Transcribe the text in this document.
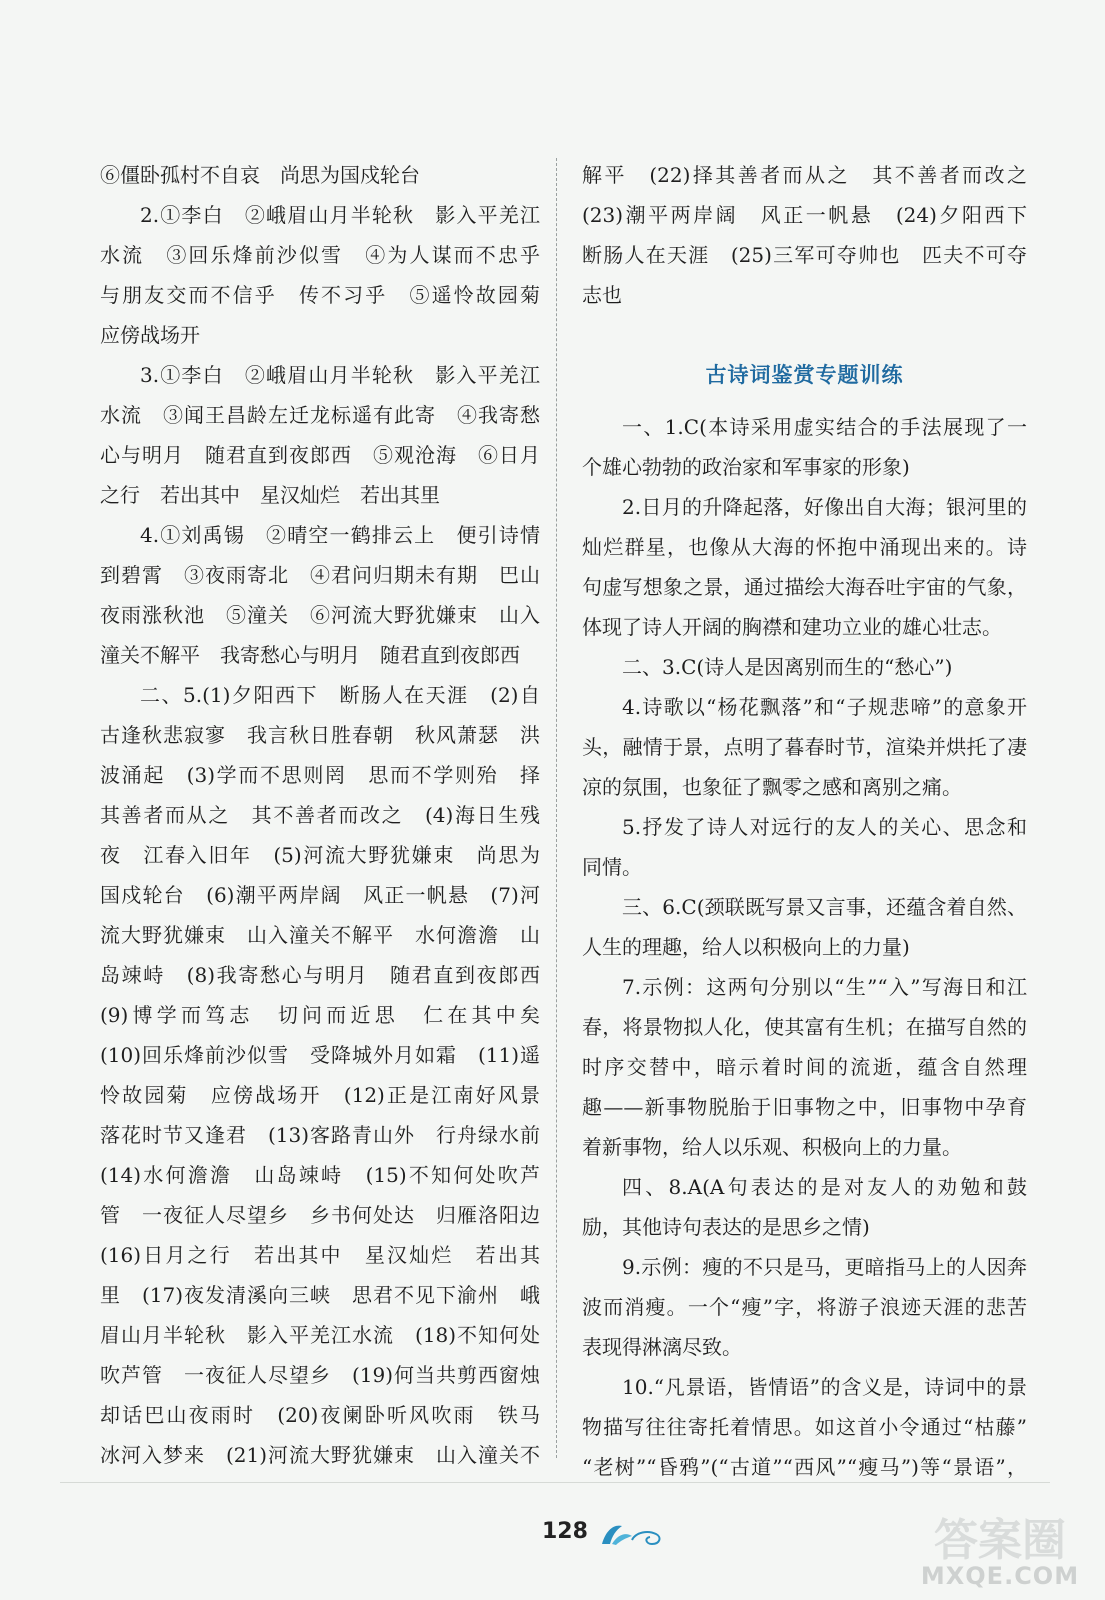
⑥僵卧孤村不自哀　尚思为国戍轮台
2.①李白　②峨眉山月半轮秋　影入平羌江
水流　③回乐烽前沙似雪　④为人谋而不忠乎
与朋友交而不信乎　传不习乎　⑤遥怜故园菊
应傍战场开
3.①李白　②峨眉山月半轮秋　影入平羌江
水流　③闻王昌龄左迁龙标遥有此寄　④我寄愁
心与明月　随君直到夜郎西　⑤观沧海　⑥日月
之行　若出其中　星汉灿烂　若出其里
4.①刘禹锡　②晴空一鹤排云上　便引诗情
到碧霄　③夜雨寄北　④君问归期未有期　巴山
夜雨涨秋池　⑤潼关　⑥河流大野犹嫌束　山入
潼关不解平　我寄愁心与明月　随君直到夜郎西
二、5.(1)夕阳西下　断肠人在天涯　(2)自
古逢秋悲寂寥　我言秋日胜春朝　秋风萧瑟　洪
波涌起　(3)学而不思则罔　思而不学则殆　择
其善者而从之　其不善者而改之　(4)海日生残
夜　江春入旧年　(5)河流大野犹嫌束　尚思为
国戍轮台　(6)潮平两岸阔　风正一帆悬　(7)河
流大野犹嫌束　山入潼关不解平　水何澹澹　山
岛竦峙　(8)我寄愁心与明月　随君直到夜郎西
(9)博学而笃志　切问而近思　仁在其中矣
(10)回乐烽前沙似雪　受降城外月如霜　(11)遥
怜故园菊　应傍战场开　(12)正是江南好风景
落花时节又逢君　(13)客路青山外　行舟绿水前
(14)水何澹澹　山岛竦峙　(15)不知何处吹芦
管　一夜征人尽望乡　乡书何处达　归雁洛阳边
(16)日月之行　若出其中　星汉灿烂　若出其
里　(17)夜发清溪向三峡　思君不见下渝州　峨
眉山月半轮秋　影入平羌江水流　(18)不知何处
吹芦管　一夜征人尽望乡　(19)何当共剪西窗烛
却话巴山夜雨时　(20)夜阑卧听风吹雨　铁马
冰河入梦来　(21)河流大野犹嫌束　山入潼关不
解平　(22)择其善者而从之　其不善者而改之
(23)潮平两岸阔　风正一帆悬　(24)夕阳西下
断肠人在天涯　(25)三军可夺帅也　匹夫不可夺
志也
古诗词鉴赏专题训练
一、1.C(本诗采用虚实结合的手法展现了一
个雄心勃勃的政治家和军事家的形象)
2.日月的升降起落，好像出自大海；银河里的
灿烂群星，也像从大海的怀抱中涌现出来的。诗
句虚写想象之景，通过描绘大海吞吐宇宙的气象，
体现了诗人开阔的胸襟和建功立业的雄心壮志。
二、3.C(诗人是因离别而生的“愁心”)
4.诗歌以“杨花飘落”和“子规悲啼”的意象开
头，融情于景，点明了暮春时节，渲染并烘托了凄
凉的氛围，也象征了飘零之感和离别之痛。
5.抒发了诗人对远行的友人的关心、思念和
同情。
三、6.C(颈联既写景又言事，还蕴含着自然、
人生的理趣，给人以积极向上的力量)
7.示例：这两句分别以“生”“入”写海日和江
春，将景物拟人化，使其富有生机；在描写自然的
时序交替中，暗示着时间的流逝，蕴含自然理
趣——新事物脱胎于旧事物之中，旧事物中孕育
着新事物，给人以乐观、积极向上的力量。
四、8.A(A句表达的是对友人的劝勉和鼓
励，其他诗句表达的是思乡之情)
9.示例：瘦的不只是马，更暗指马上的人因奔
波而消瘦。一个“瘦”字，将游子浪迹天涯的悲苦
表现得淋漓尽致。
10.“凡景语，皆情语”的含义是，诗词中的景
物描写往往寄托着情思。如这首小令通过“枯藤”
“老树”“昏鸦”(“古道”“西风”“瘦马”)等“景语”，
128	答案圈
MXQE.COM
